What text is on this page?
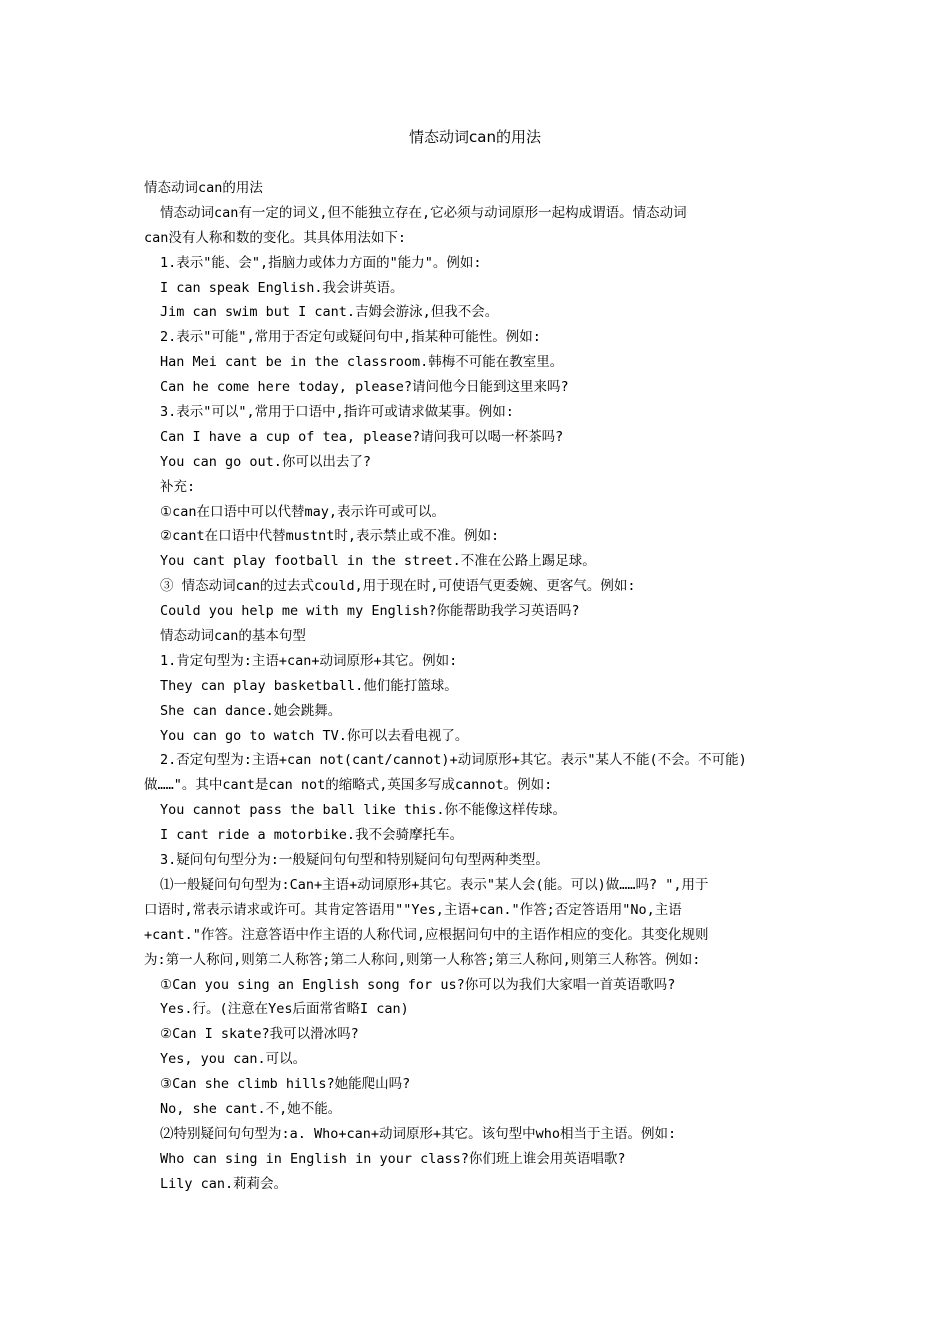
情态动词can的用法
情态动词can的用法
情态动词can有一定的词义,但不能独立存在,它必须与动词原形一起构成谓语。情态动词
can没有人称和数的变化。其具体用法如下:
1.表示"能、会",指脑力或体力方面的"能力"。例如:
I can speak English.我会讲英语。
Jim can swim but I cant.吉姆会游泳,但我不会。
2.表示"可能",常用于否定句或疑问句中,指某种可能性。例如:
Han Mei cant be in the classroom.韩梅不可能在教室里。
Can he come here today, please?请问他今日能到这里来吗?
3.表示"可以",常用于口语中,指许可或请求做某事。例如:
Can I have a cup of tea, please?请问我可以喝一杯茶吗?
You can go out.你可以出去了?
补充:
①can在口语中可以代替may,表示许可或可以。
②cant在口语中代替mustnt时,表示禁止或不准。例如:
You cant play football in the street.不准在公路上踢足球。
③ 情态动词can的过去式could,用于现在时,可使语气更委婉、更客气。例如:
Could you help me with my English?你能帮助我学习英语吗?
情态动词can的基本句型
1.肯定句型为:主语+can+动词原形+其它。例如:
They can play basketball.他们能打篮球。
She can dance.她会跳舞。
You can go to watch TV.你可以去看电视了。
2.否定句型为:主语+can not(cant/cannot)+动词原形+其它。表示"某人不能(不会。不可能)
做……"。其中cant是can not的缩略式,英国多写成cannot。例如:
You cannot pass the ball like this.你不能像这样传球。
I cant ride a motorbike.我不会骑摩托车。
3.疑问句句型分为:一般疑问句句型和特别疑问句句型两种类型。
⑴一般疑问句句型为:Can+主语+动词原形+其它。表示"某人会(能。可以)做……吗? ",用于
口语时,常表示请求或许可。其肯定答语用""Yes,主语+can."作答;否定答语用"No,主语
+cant."作答。注意答语中作主语的人称代词,应根据问句中的主语作相应的变化。其变化规则
为:第一人称问,则第二人称答;第二人称问,则第一人称答;第三人称问,则第三人称答。例如:
①Can you sing an English song for us?你可以为我们大家唱一首英语歌吗?
Yes.行。(注意在Yes后面常省略I can)
②Can I skate?我可以滑冰吗?
Yes, you can.可以。
③Can she climb hills?她能爬山吗?
No, she cant.不,她不能。
⑵特别疑问句句型为:a. Who+can+动词原形+其它。该句型中who相当于主语。例如:
Who can sing in English in your class?你们班上谁会用英语唱歌?
Lily can.莉莉会。
